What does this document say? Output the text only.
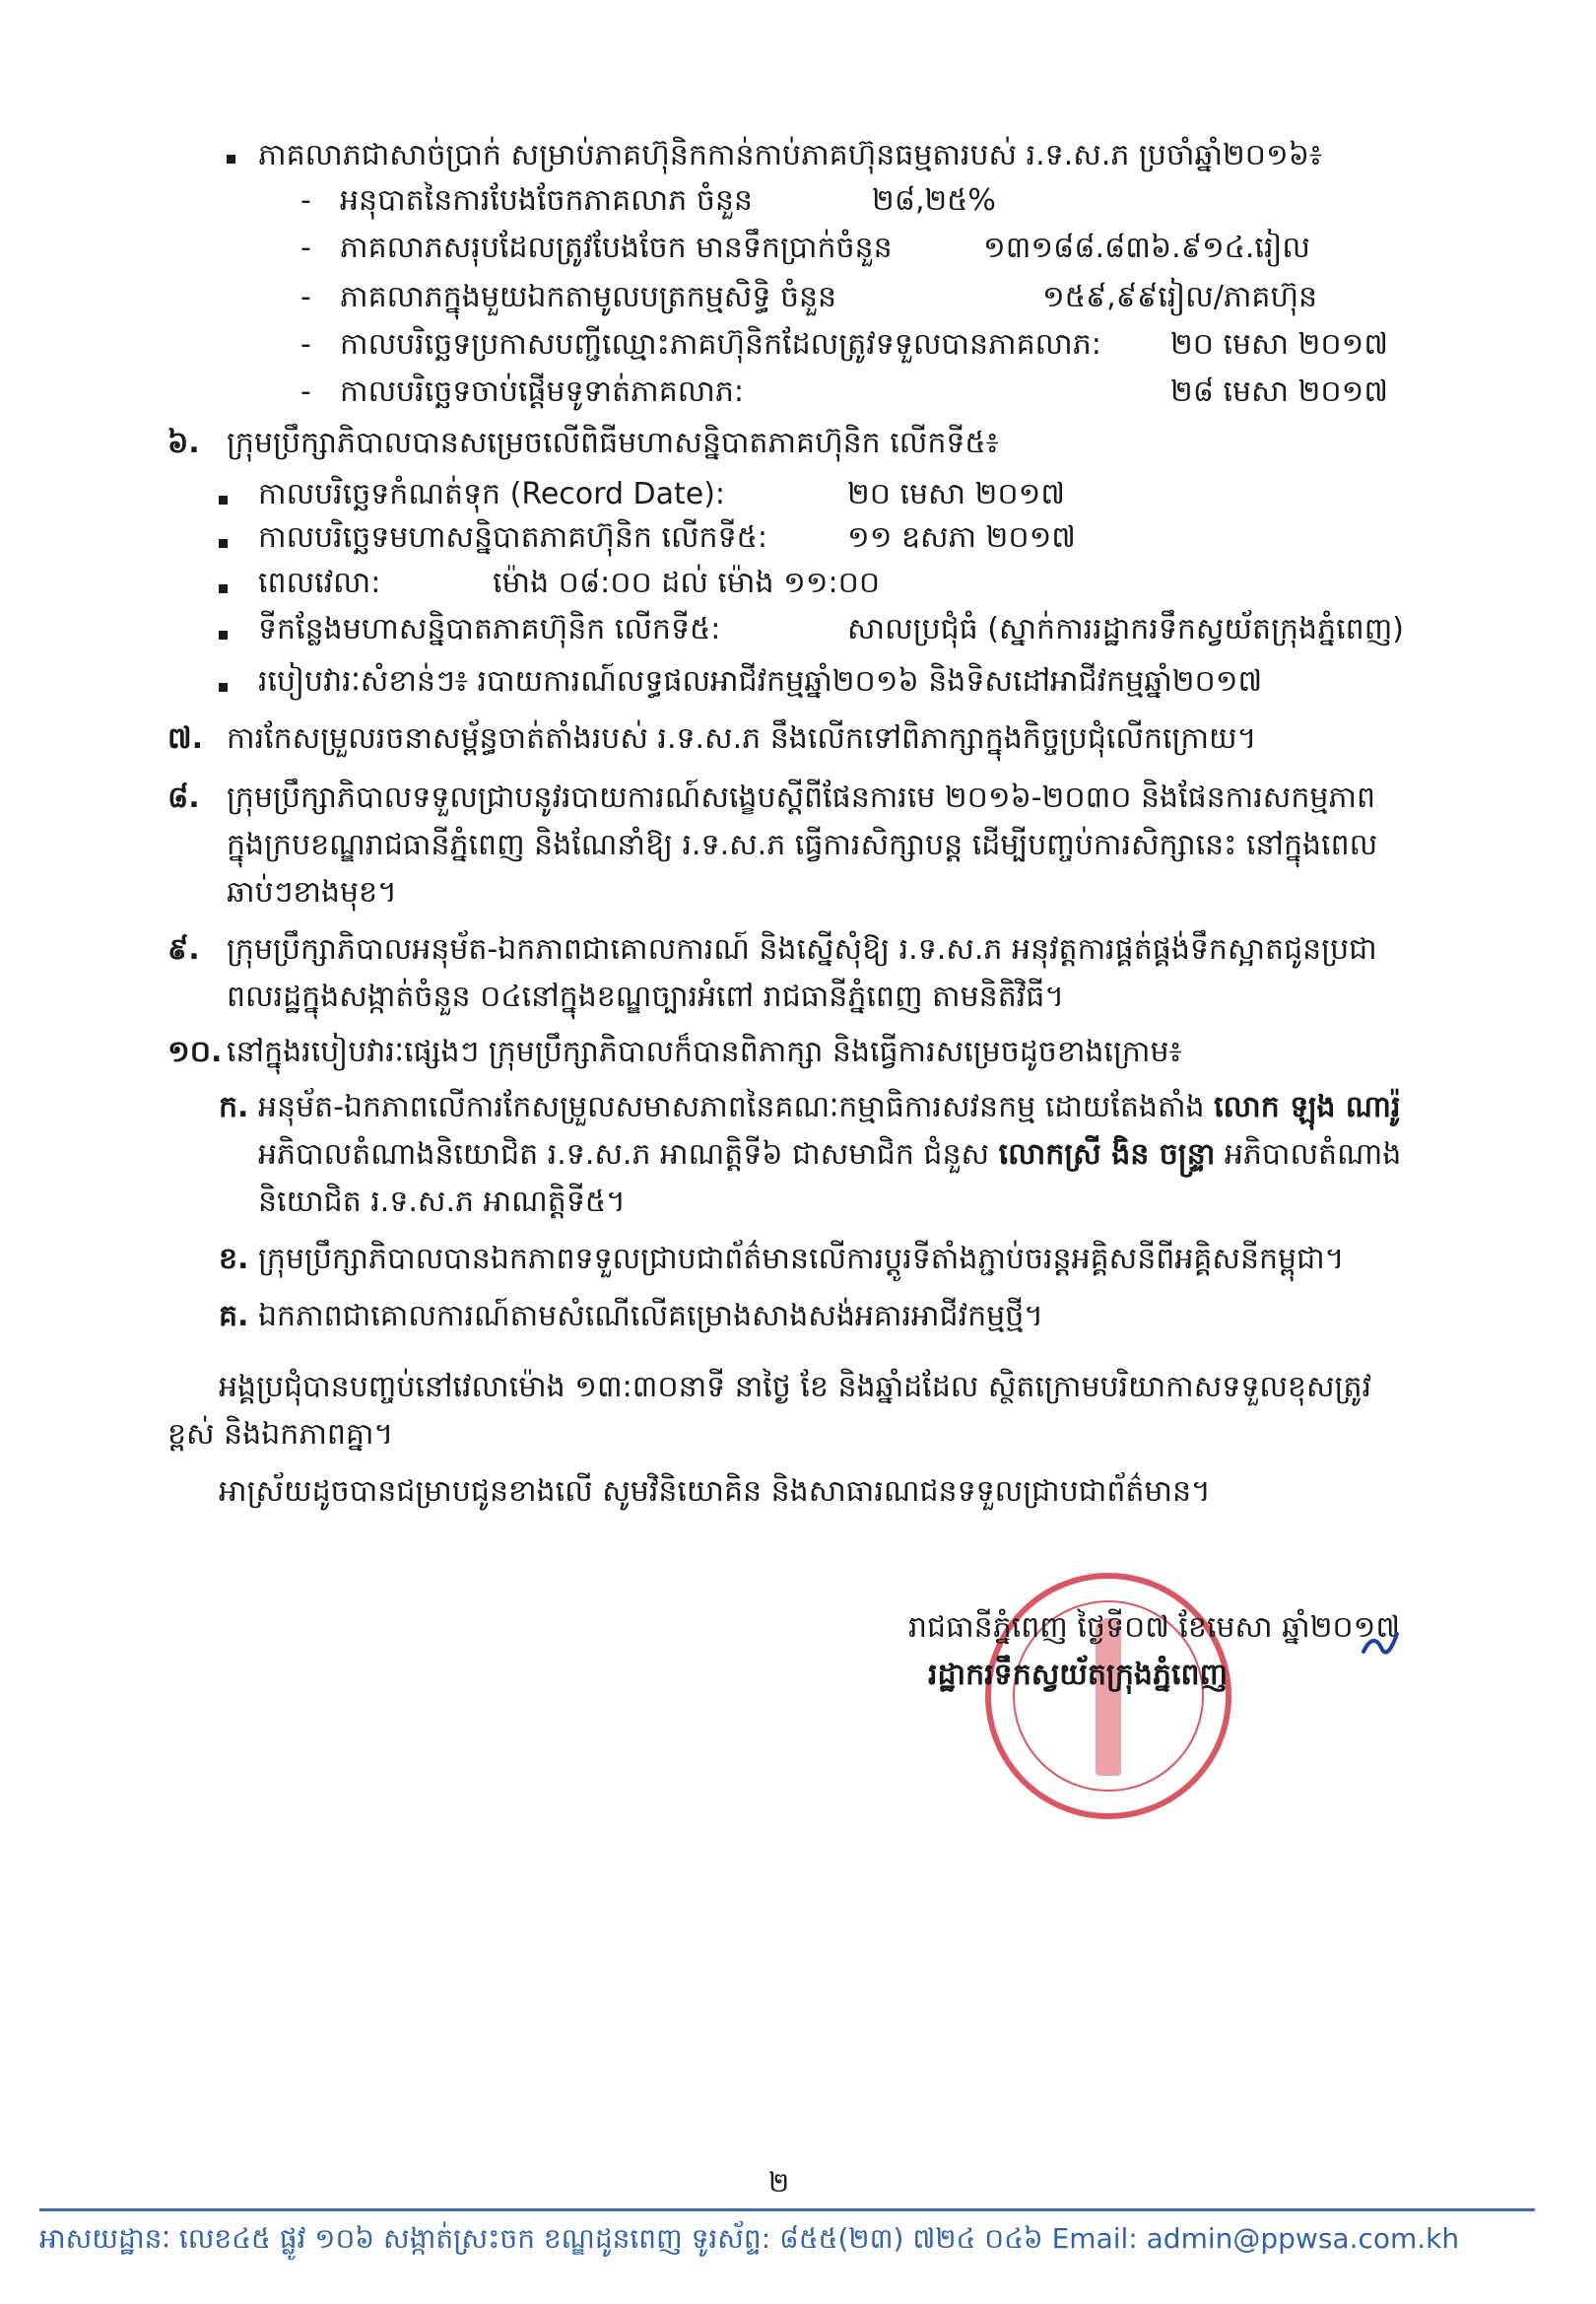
ភាគលាភជាសាច់ប្រាក់ សម្រាប់ភាគហ៊ុនិកកាន់កាប់ភាគហ៊ុនធម្មតារបស់ រ.ទ.ស.ភ ប្រចាំឆ្នាំ២០១៦៖
- អនុបាតនៃការបែងចែកភាគលាភ ចំនួន	២៨,២៥%
- ភាគលាភសរុបដែលត្រូវបែងចែក មានទឹកប្រាក់ចំនួន	១៣១៨៨.៨៣៦.៩១៤.រៀល
- ភាគលាភក្នុងមួយឯកតាមូលបត្រកម្មសិទ្ធិ ចំនួន	១៥៩,៩៩រៀល/ភាគហ៊ុន
- កាលបរិច្ឆេទប្រកាសបញ្ជីឈ្មោះភាគហ៊ុនិកដែលត្រូវទទួលបានភាគលាភ: ២០ មេសា ២០១៧
- កាលបរិច្ឆេទចាប់ផ្ដើមទូទាត់ភាគលាភ:	២៨ មេសា ២០១៧
៦. ក្រុមប្រឹក្សាភិបាលបានសម្រេចលើពិធីមហាសន្និបាតភាគហ៊ុនិក លើកទី៥៖
កាលបរិច្ឆេទកំណត់ទុក (Record Date):	២០ មេសា ២០១៧
កាលបរិច្ឆេទមហាសន្និបាតភាគហ៊ុនិក លើកទី៥:	១១ ឧសភា ២០១៧
ពេលវេលា:	ម៉ោង ០៨:០០ ដល់ ម៉ោង ១១:០០
ទីកន្លែងមហាសន្និបាតភាគហ៊ុនិក លើកទី៥:	សាលប្រជុំធំ (ស្នាក់ការរដ្ឋាករទឹកស្វយ័តក្រុងភ្នំពេញ)
របៀបវារៈសំខាន់ៗ៖ របាយការណ៍លទ្ធផលអាជីវកម្មឆ្នាំ២០១៦ និងទិសដៅអាជីវកម្មឆ្នាំ២០១៧
៧. ការកែសម្រួលរចនាសម្ព័ន្ធចាត់តាំងរបស់ រ.ទ.ស.ភ នឹងលើកទៅពិភាក្សាក្នុងកិច្ចប្រជុំលើកក្រោយ។
៨. ក្រុមប្រឹក្សាភិបាលទទួលជ្រាបនូវរបាយការណ៍សង្ខេបស្ដីពីផែនការមេ ២០១៦-២០៣០ និងផែនការសកម្មភាព
ក្នុងក្របខណ្ឌរាជធានីភ្នំពេញ និងណែនាំឱ្យ រ.ទ.ស.ភ ធ្វើការសិក្សាបន្ត ដើម្បីបញ្ចប់ការសិក្សានេះ នៅក្នុងពេល
ឆាប់ៗខាងមុខ។
៩. ក្រុមប្រឹក្សាភិបាលអនុម័ត-ឯកភាពជាគោលការណ៍ និងស្នើសុំឱ្យ រ.ទ.ស.ភ អនុវត្តការផ្គត់ផ្គង់ទឹកស្អាតជូនប្រជា
ពលរដ្ឋក្នុងសង្កាត់ចំនួន ០៤នៅក្នុងខណ្ឌច្បារអំពៅ រាជធានីភ្នំពេញ តាមនិតិវិធី។
១០. នៅក្នុងរបៀបវារៈផ្សេងៗ ក្រុមប្រឹក្សាភិបាលក៏បានពិភាក្សា និងធ្វើការសម្រេចដូចខាងក្រោម៖
ក. អនុម័ត-ឯកភាពលើការកែសម្រួលសមាសភាពនៃគណៈកម្មាធិការសវនកម្ម ដោយតែងតាំង លោក ឡុង ណារ៉ូ
អភិបាលតំណាងនិយោជិត រ.ទ.ស.ភ អាណត្តិទី៦ ជាសមាជិក ជំនួស លោកស្រី ងិន ចន្ទ្រា អភិបាលតំណាង
និយោជិត រ.ទ.ស.ភ អាណត្តិទី៥។
ខ. ក្រុមប្រឹក្សាភិបាលបានឯកភាពទទួលជ្រាបជាព័ត៌មានលើការប្តូរទីតាំងភ្ជាប់ចរន្តអគ្គិសនីពីអគ្គិសនីកម្ពុជា។
គ. ឯកភាពជាគោលការណ៍តាមសំណើលើគម្រោងសាងសង់អគារអាជីវកម្មថ្មី។
អង្គប្រជុំបានបញ្ចប់នៅវេលាម៉ោង ១៣:៣០នាទី នាថ្ងៃ ខែ និងឆ្នាំដដែល ស្ថិតក្រោមបរិយាកាសទទួលខុសត្រូវ
ខ្ពស់ និងឯកភាពគ្នា។
អាស្រ័យដូចបានជម្រាបជូនខាងលើ សូមវិនិយោគិន និងសាធារណជនទទួលជ្រាបជាព័ត៌មាន។
រាជធានីភ្នំពេញ ថ្ងៃទី០៧ ខែមេសា ឆ្នាំ២០១៧
រដ្ឋាករទឹកស្វយ័តក្រុងភ្នំពេញ
២
អាសយដ្ឋានៈ លេខ៤៥ ផ្លូវ ១០៦ សង្កាត់ស្រះចក ខណ្ឌដូនពេញ ទូរស័ព្ទ: ៨៥៥(២៣) ៧២៤ ០៤៦ Email: admin@ppwsa.com.kh
